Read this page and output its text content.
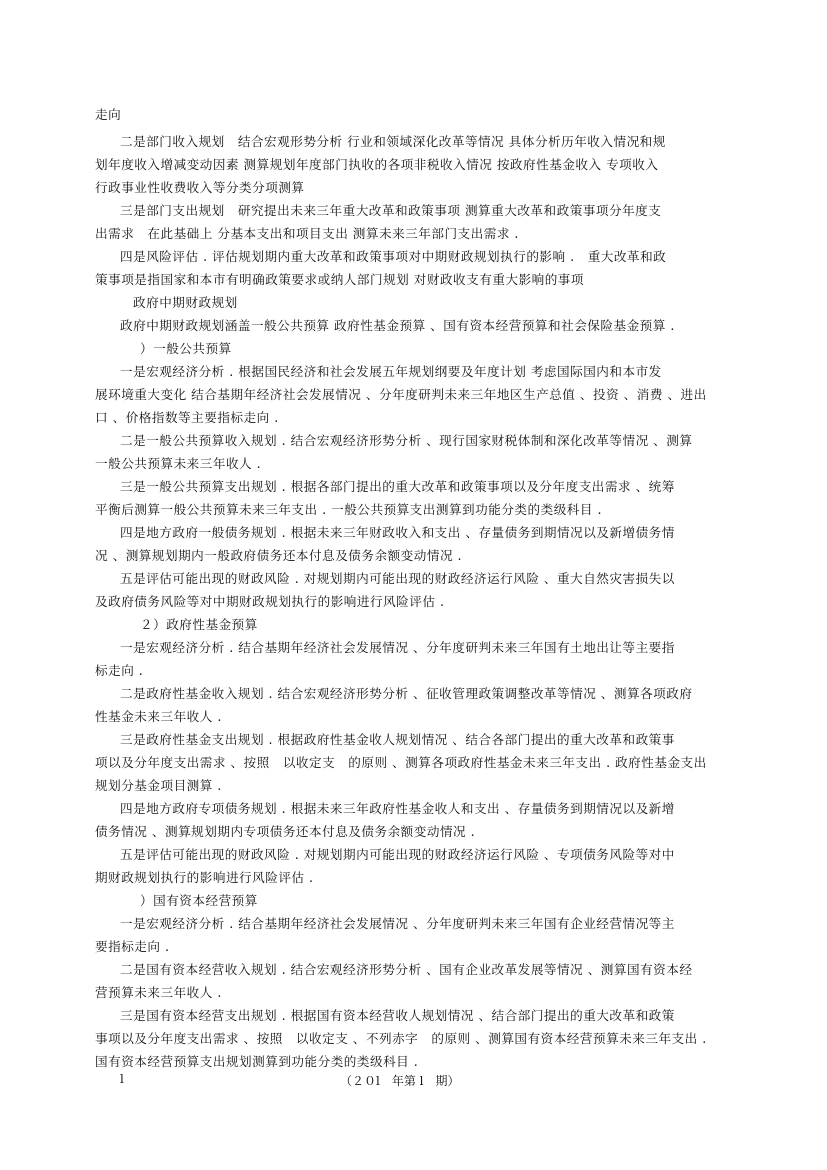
走向
二是部门收入规划　结合宏观形势分析 行业和领域深化改革等情况 具体分析历年收入情况和规
划年度收入增减变动因素 测算规划年度部门执收的各项非税收入情况 按政府性基金收入 专项收入
行政事业性收费收入等分类分项测算
三是部门支出规划　研究提出未来三年重大改革和政策事项 测算重大改革和政策事项分年度支
出需求　在此基础上 分基本支出和项目支出 测算未来三年部门支出需求 .
四是风险评估 . 评估规划期内重大改革和政策事项对中期财政规划执行的影响 .　重大改革和政
策事项是指国家和本市有明确政策要求或纳人部门规划 对财政收支有重大影响的事项
政府中期财政规划
政府中期财政规划涵盖一般公共预算 政府性基金预算 、国有资本经营预算和社会保险基金预算 .
）一般公共预算
一是宏观经济分析 . 根据国民经济和社会发展五年规划纲要及年度计划 考虑国际国内和本市发
展环境重大变化 结合基期年经济社会发展情况 、分年度研判未来三年地区生产总值 、投资 、消费 、进出
口 、价格指数等主要指标走向 .
二是一般公共预算收入规划 . 结合宏观经济形势分析 、现行国家财税体制和深化改革等情况 、测算
一般公共预算未来三年收人 .
三是一般公共预算支出规划 . 根据各部门提出的重大改革和政策事项以及分年度支出需求 、统筹
平衡后测算一般公共预算未来三年支出 . 一般公共预算支出测算到功能分类的类级科目 .
四是地方政府一般债务规划 . 根据未来三年财政收入和支出 、存量债务到期情况以及新增债务情
况 、测算规划期内一般政府债务还本付息及债务余额变动情况 .
五是评估可能出现的财政风险 . 对规划期内可能出现的财政经济运行风险 、重大自然灾害损失以
及政府债务风险等对中期财政规划执行的影响进行风险评估 .
２）政府性基金预算
一是宏观经济分析 . 结合基期年经济社会发展情况 、分年度研判未来三年国有土地出让等主要指
标走向 .
二是政府性基金收入规划 . 结合宏观经济形势分析 、征收管理政策调整改革等情况 、测算各项政府
性基金未来三年收人 .
三是政府性基金支出规划 . 根据政府性基金收人规划情况 、结合各部门提出的重大改革和政策事
项以及分年度支出需求 、按照　以收定支　的原则 、测算各项政府性基金未来三年支出 . 政府性基金支出
规划分基金项目测算 .
四是地方政府专项债务规划 . 根据未来三年政府性基金收人和支出 、存量债务到期情况以及新增
债务情况 、测算规划期内专项债务还本付息及债务余额变动情况 .
五是评估可能出现的财政风险 . 对规划期内可能出现的财政经济运行风险 、专项债务风险等对中
期财政规划执行的影响进行风险评估 .
）国有资本经营预算
一是宏观经济分析 . 结合基期年经济社会发展情况 、分年度研判未来三年国有企业经营情况等主
要指标走向 .
二是国有资本经营收入规划 . 结合宏观经济形势分析 、国有企业改革发展等情况 、测算国有资本经
营预算未来三年收人 .
三是国有资本经营支出规划 . 根据国有资本经营收人规划情况 、结合部门提出的重大改革和政策
事项以及分年度支出需求 、按照　以收定支 、不列赤字　的原则 、测算国有资本经营预算未来三年支出 .
国有资本经营预算支出规划测算到功能分类的类级科目 .
l	（２０l　年第 l　期）
